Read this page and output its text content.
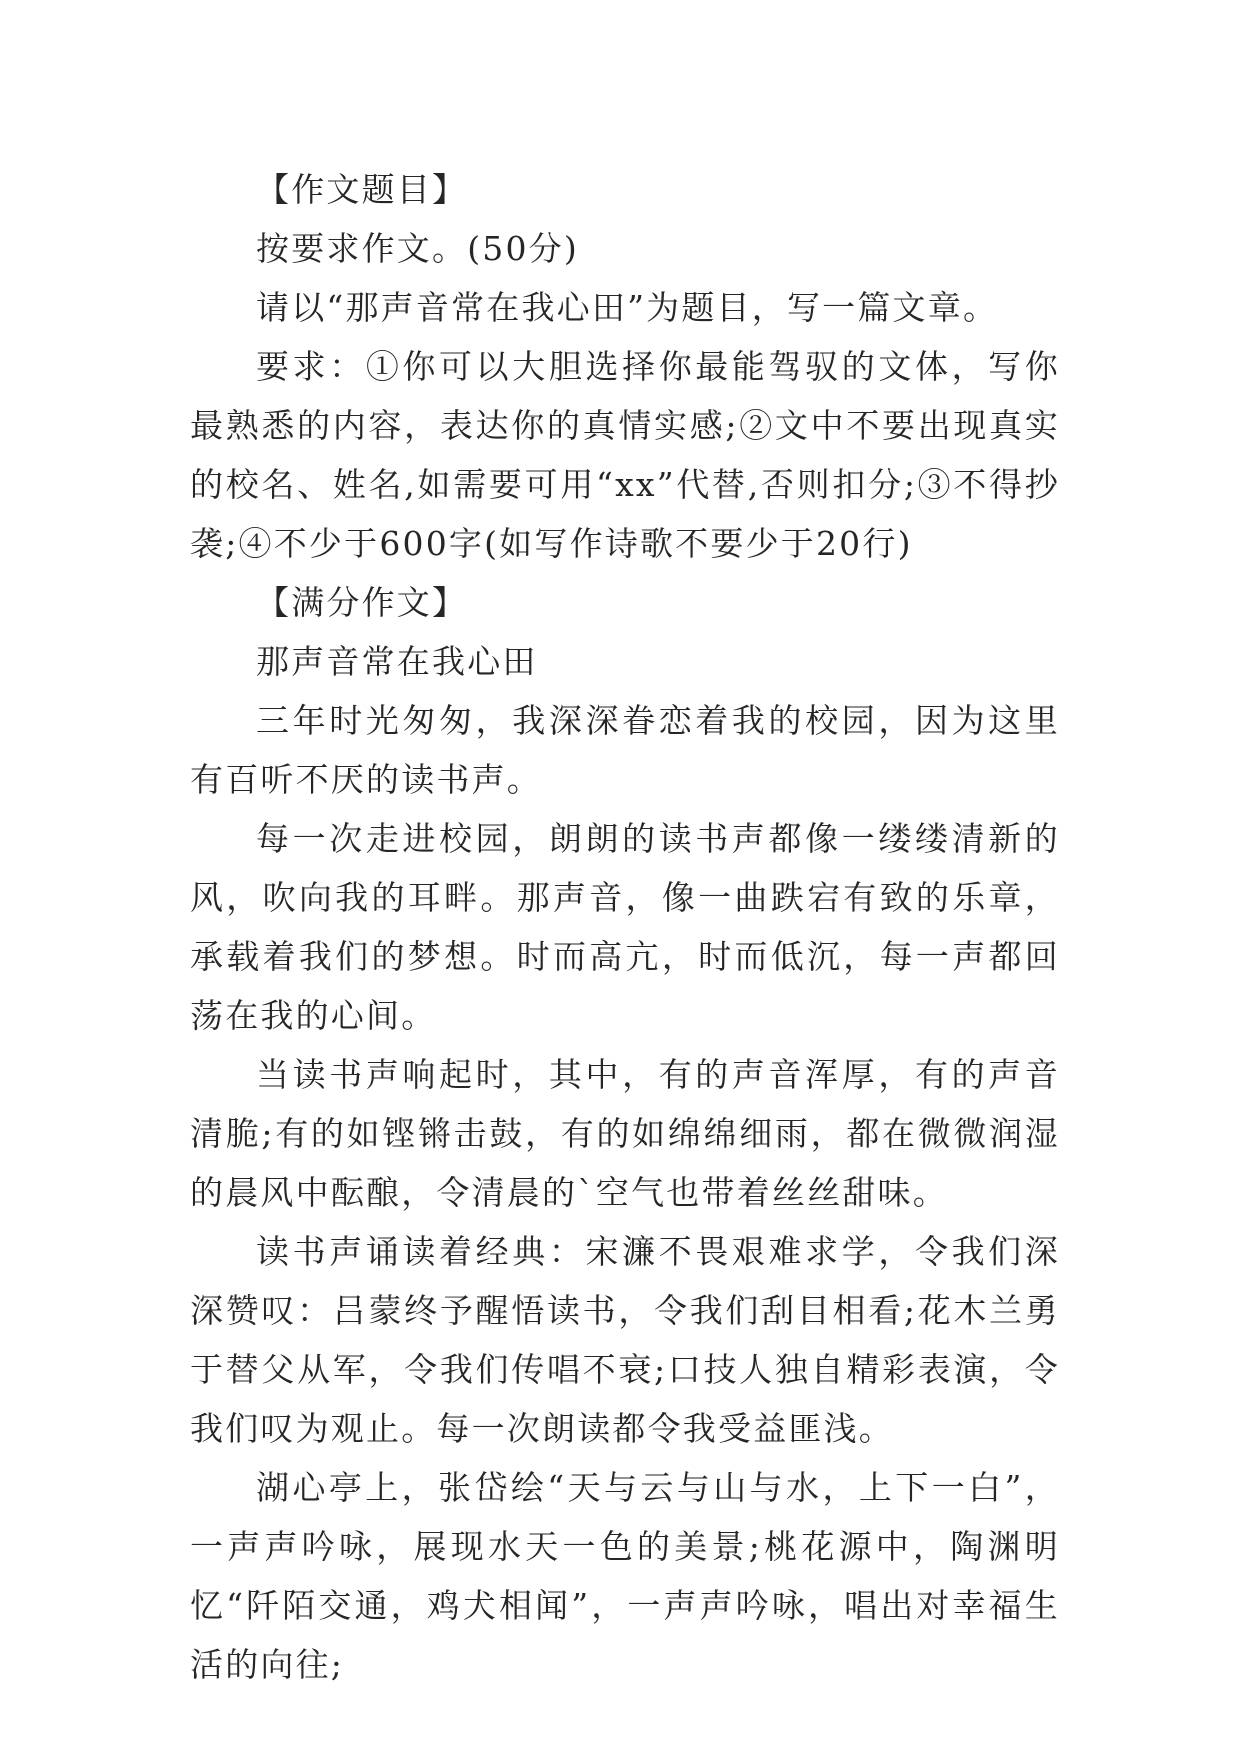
【作文题目】

按要求作文。(50分)

请以“那声音常在我心田”为题目，写一篇文章。

要求：①你可以大胆选择你最能驾驭的文体，写你最熟悉的内容，表达你的真情实感;②文中不要出现真实的校名、姓名,如需要可用“xx”代替,否则扣分;③不得抄袭;④不少于600字(如写作诗歌不要少于20行)

【满分作文】

那声音常在我心田

三年时光匆匆，我深深眷恋着我的校园，因为这里有百听不厌的读书声。

每一次走进校园，朗朗的读书声都像一缕缕清新的风，吹向我的耳畔。那声音，像一曲跌宕有致的乐章，承载着我们的梦想。时而高亢，时而低沉，每一声都回荡在我的心间。

当读书声响起时，其中，有的声音浑厚，有的声音清脆;有的如铿锵击鼓，有的如绵绵细雨，都在微微润湿的晨风中酝酿，令清晨的`空气也带着丝丝甜味。

读书声诵读着经典：宋濂不畏艰难求学，令我们深深赞叹：吕蒙终予醒悟读书，令我们刮目相看;花木兰勇于替父从军，令我们传唱不衰;口技人独自精彩表演，令我们叹为观止。每一次朗读都令我受益匪浅。

湖心亭上，张岱绘“天与云与山与水，上下一白”，一声声吟咏，展现水天一色的美景;桃花源中，陶渊明忆“阡陌交通，鸡犬相闻”，一声声吟咏，唱出对幸福生活的向往;
